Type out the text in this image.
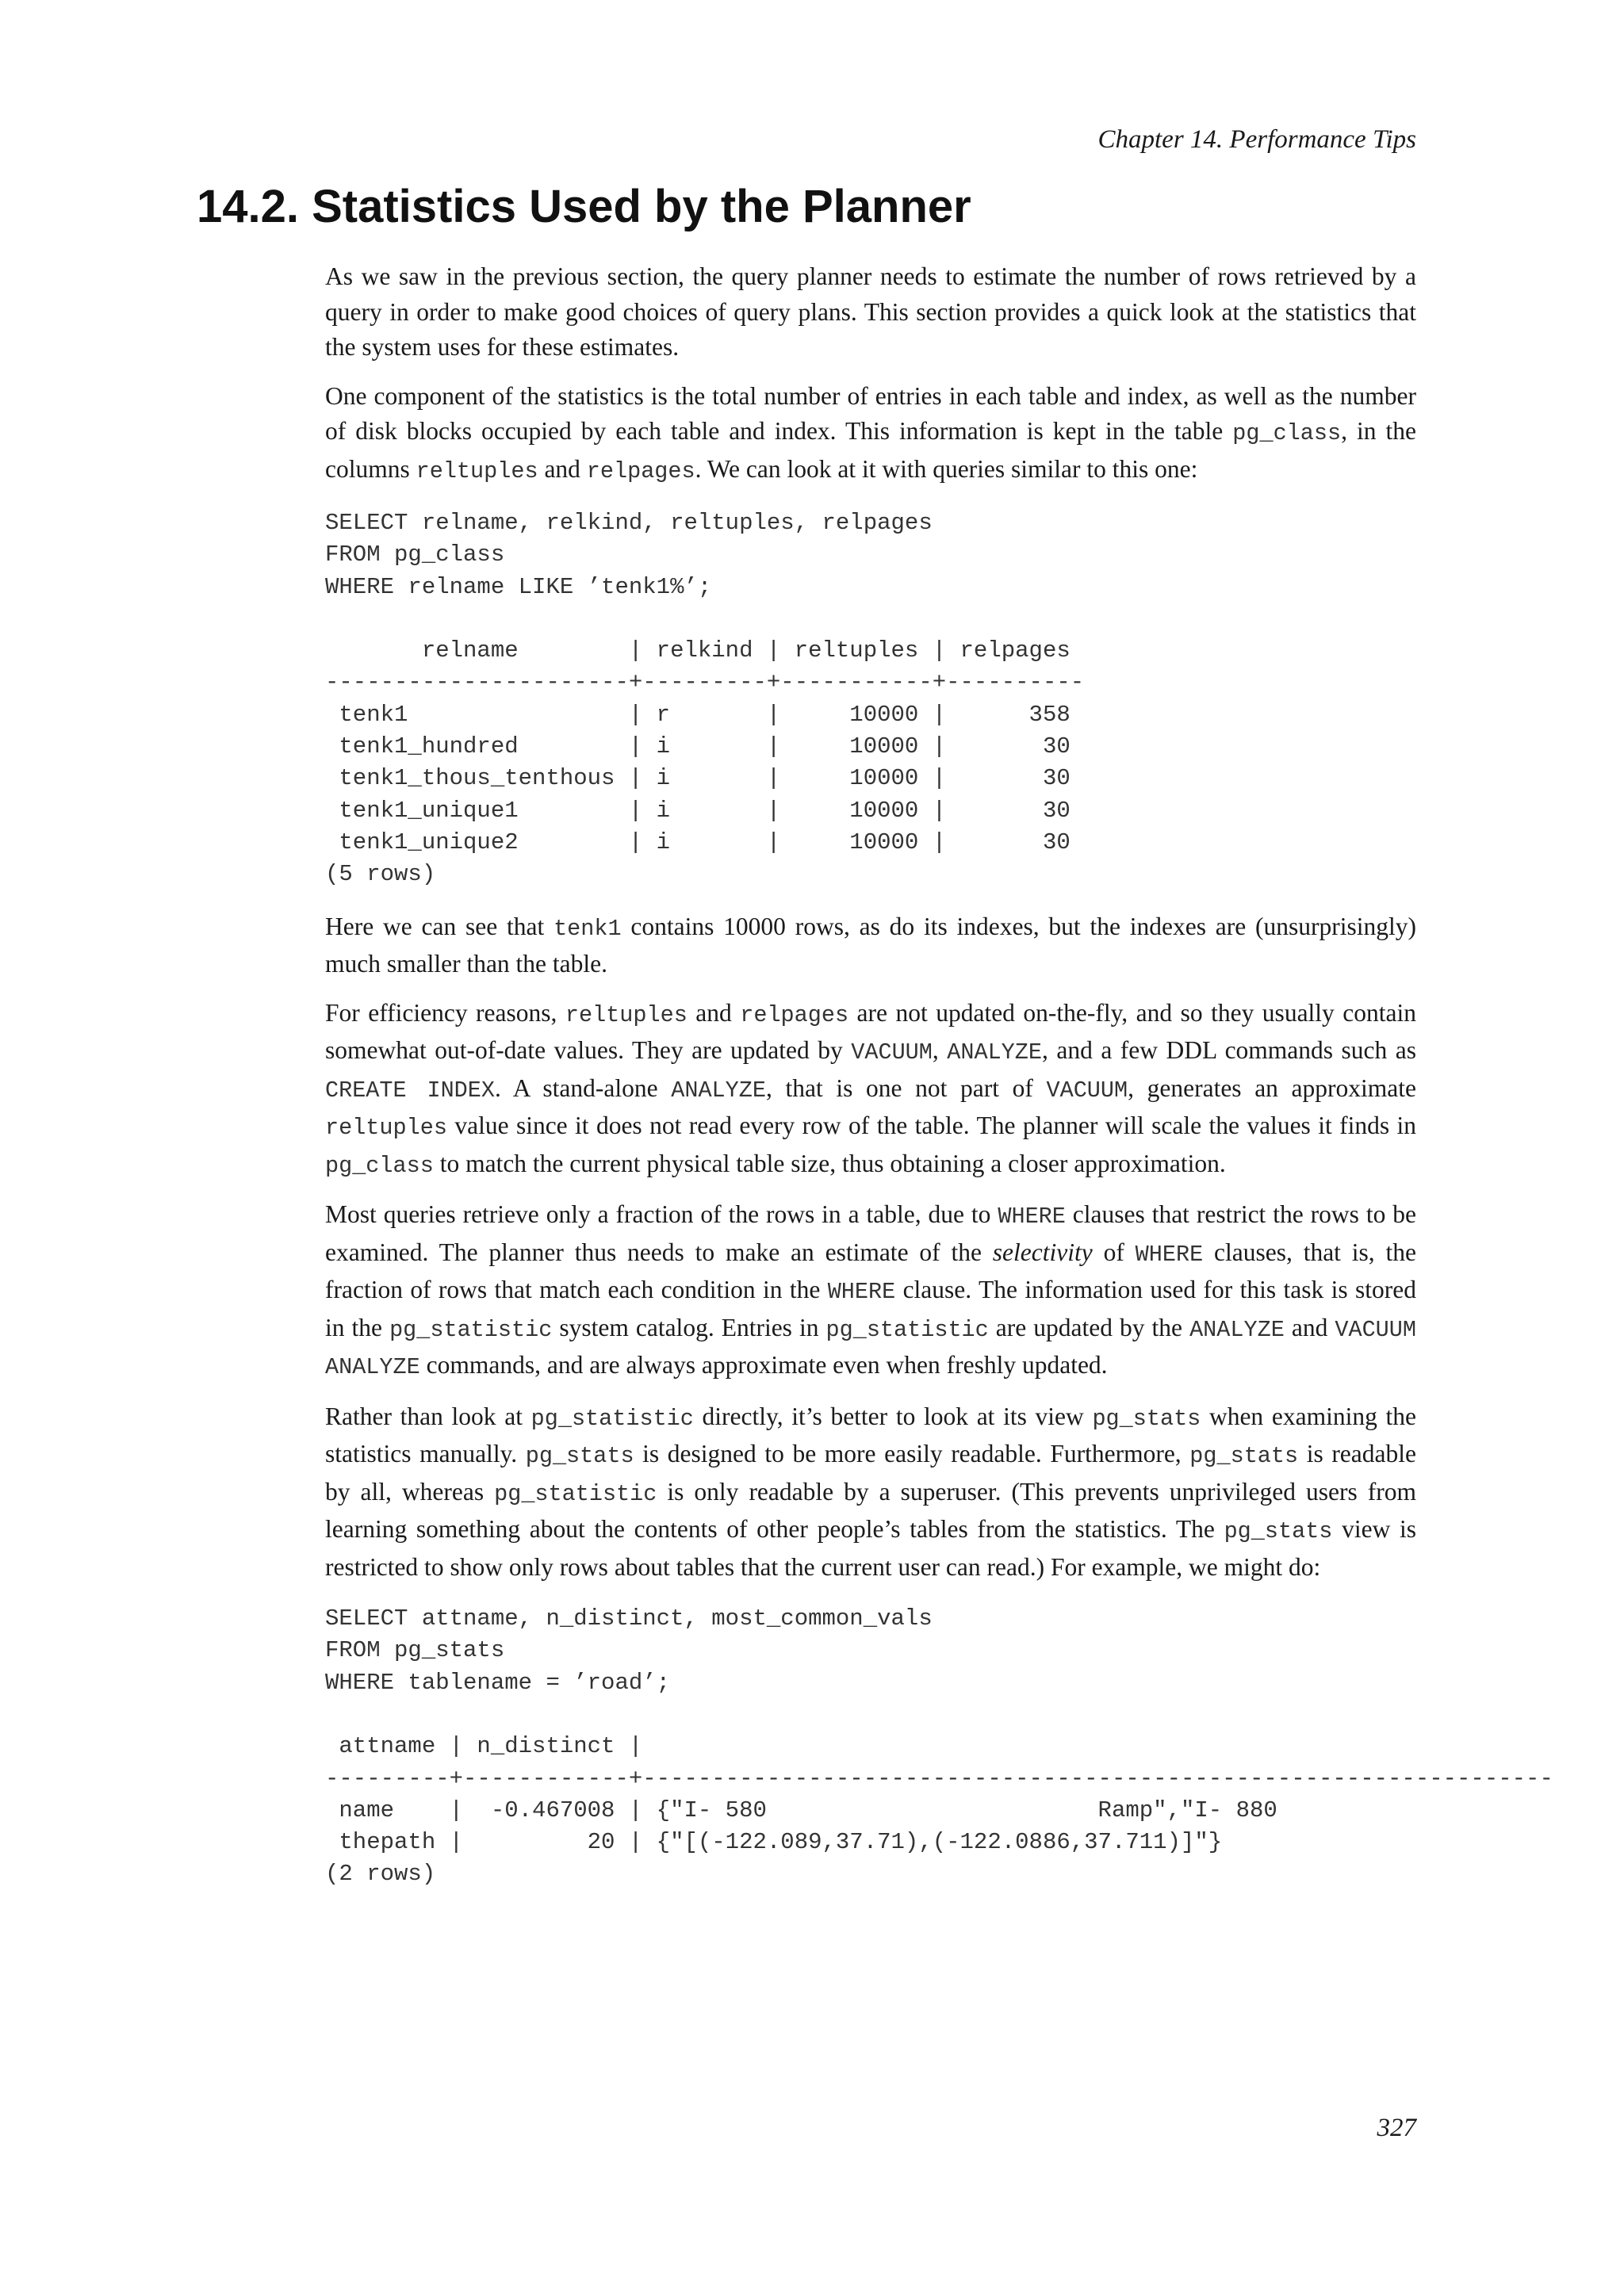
Chapter 14. Performance Tips
14.2. Statistics Used by the Planner

As we saw in the previous section, the query planner needs to estimate the number of rows retrieved by a query in order to make good choices of query plans. This section provides a quick look at the statistics that the system uses for these estimates.

One component of the statistics is the total number of entries in each table and index, as well as the number of disk blocks occupied by each table and index. This information is kept in the table pg_class, in the columns reltuples and relpages. We can look at it with queries similar to this one:

SELECT relname, relkind, reltuples, relpages
FROM pg_class
WHERE relname LIKE ’tenk1%’;
relname        | relkind | reltuples | relpages
----------------------+---------+-----------+----------
tenk1                | r       |     10000 |      358
tenk1_hundred        | i       |     10000 |       30
tenk1_thous_tenthous | i       |     10000 |       30
tenk1_unique1        | i       |     10000 |       30
tenk1_unique2        | i       |     10000 |       30
(5 rows)

Here we can see that tenk1 contains 10000 rows, as do its indexes, but the indexes are (unsurprisingly) much smaller than the table.

For efficiency reasons, reltuples and relpages are not updated on-the-fly, and so they usually contain somewhat out-of-date values. They are updated by VACUUM, ANALYZE, and a few DDL commands such as CREATE INDEX. A stand-alone ANALYZE, that is one not part of VACUUM, generates an approximate reltuples value since it does not read every row of the table. The planner will scale the values it finds in pg_class to match the current physical table size, thus obtaining a closer approximation.

Most queries retrieve only a fraction of the rows in a table, due to WHERE clauses that restrict the rows to be examined. The planner thus needs to make an estimate of the selectivity of WHERE clauses, that is, the fraction of rows that match each condition in the WHERE clause. The information used for this task is stored in the pg_statistic system catalog. Entries in pg_statistic are updated by the ANALYZE and VACUUM ANALYZE commands, and are always approximate even when freshly updated.

Rather than look at pg_statistic directly, it’s better to look at its view pg_stats when examining the statistics manually. pg_stats is designed to be more easily readable. Furthermore, pg_stats is readable by all, whereas pg_statistic is only readable by a superuser. (This prevents unprivileged users from learning something about the contents of other people’s tables from the statistics. The pg_stats view is restricted to show only rows about tables that the current user can read.) For example, we might do:

SELECT attname, n_distinct, most_common_vals
FROM pg_stats
WHERE tablename = ’road’;
attname | n_distinct |
---------+------------+------------------------------------------------------------------
name    |  -0.467008 | {"I- 580                        Ramp","I- 880
thepath |         20 | {"[(-122.089,37.71),(-122.0886,37.711)]"}
(2 rows)
327
